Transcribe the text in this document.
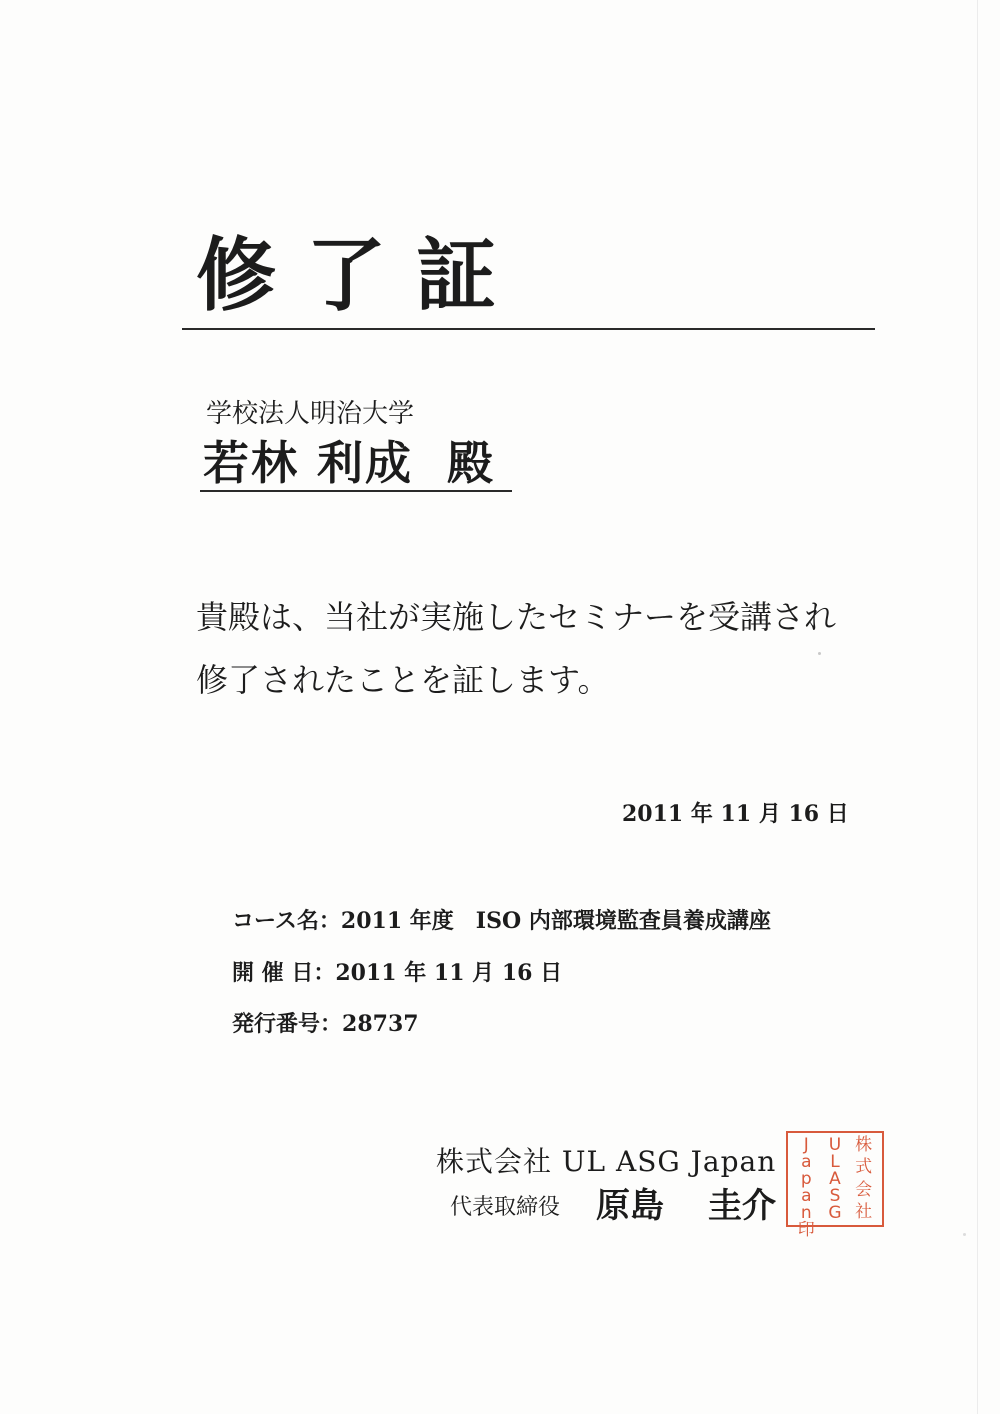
修了証
学校法人明治大学
若林 利成 殿
貴殿は、当社が実施したセミナーを受講され
修了されたことを証します。
2011 年 11 月 16 日
コース名：2011 年度　ISO 内部環境監査員養成講座
開 催 日：2011 年 11 月 16 日
発行番号：28737
株式会社 UL ASG Japan
代表取締役 原島 圭介
株
式
会
社
U
L
A
S
G
J
a
p
a
n
印
